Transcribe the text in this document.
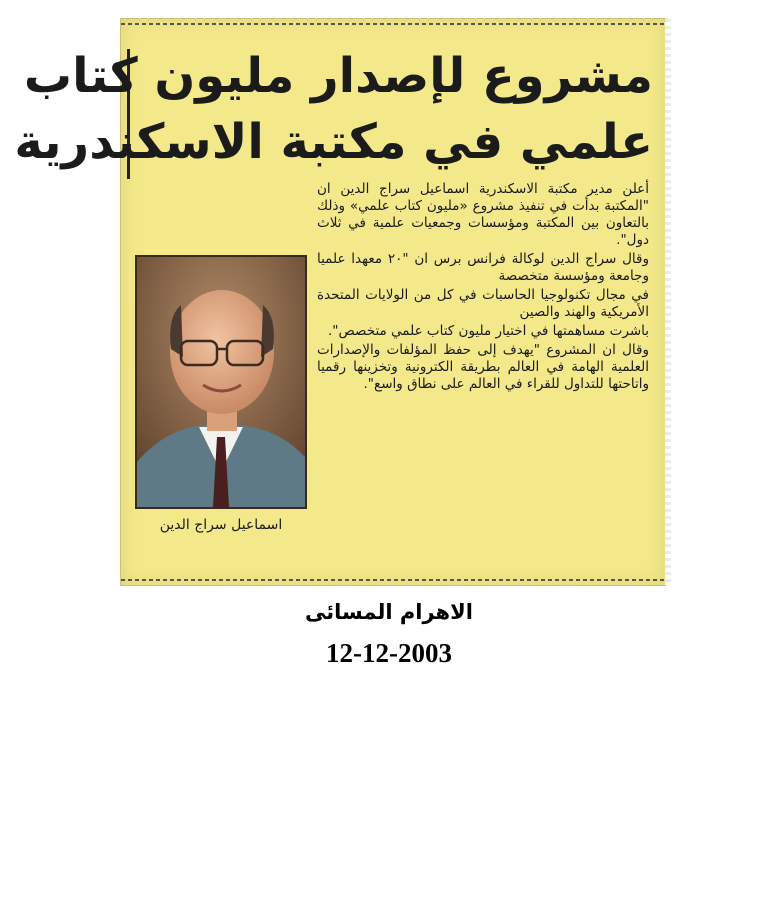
مشروع لإصدار مليون كتاب
علمي في مكتبة الاسكندرية
اسماعيل سراج الدين

أعلن مدير مكتبة الاسكندرية اسماعيل سراج الدين ان "المكتبة بدأت في تنفيذ مشروع «مليون كتاب علمي» وذلك بالتعاون بين المكتبة ومؤسسات وجمعيات علمية في ثلاث دول".

وقال سراج الدين لوكالة فرانس برس ان "٢٠ معهدا علميا وجامعة ومؤسسة متخصصة

في مجال تكنولوجيا الحاسبات في كل من الولايات المتحدة الأمريكية والهند والصين

باشرت مساهمتها في اختيار مليون كتاب علمي متخصص".

وقال ان المشروع "يهدف إلى حفظ المؤلفات والإصدارات العلمية الهامة في العالم بطريقة الكترونية وتخزينها رقميا واتاحتها للتداول للقراء في العالم على نطاق واسع".

الاهرام المسائى
12-12-2003
